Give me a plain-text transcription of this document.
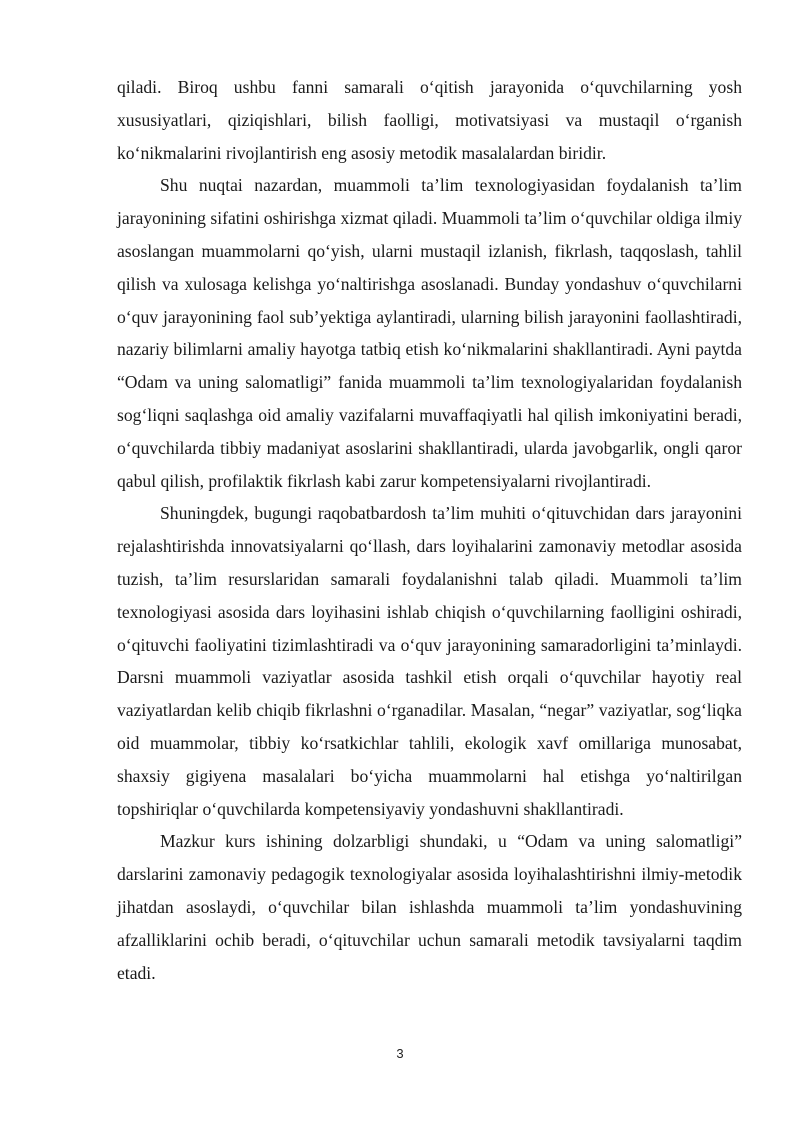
qiladi. Biroq ushbu fanni samarali o‘qitish jarayonida o‘quvchilarning yosh xususiyatlari, qiziqishlari, bilish faolligi, motivatsiyasi va mustaqil o‘rganish ko‘nikmalarini rivojlantirish eng asosiy metodik masalalardan biridir.

Shu nuqtai nazardan, muammoli ta’lim texnologiyasidan foydalanish ta’lim jarayonining sifatini oshirishga xizmat qiladi. Muammoli ta’lim o‘quvchilar oldiga ilmiy asoslangan muammolarni qo‘yish, ularni mustaqil izlanish, fikrlash, taqqoslash, tahlil qilish va xulosaga kelishga yo‘naltirishga asoslanadi. Bunday yondashuv o‘quvchilarni o‘quv jarayonining faol sub’yektiga aylantiradi, ularning bilish jarayonini faollashtiradi, nazariy bilimlarni amaliy hayotga tatbiq etish ko‘nikmalarini shakllantiradi. Ayni paytda “Odam va uning salomatligi” fanida muammoli ta’lim texnologiyalaridan foydalanish sog‘liqni saqlashga oid amaliy vazifalarni muvaffaqiyatli hal qilish imkoniyatini beradi, o‘quvchilarda tibbiy madaniyat asoslarini shakllantiradi, ularda javobgarlik, ongli qaror qabul qilish, profilaktik fikrlash kabi zarur kompetensiyalarni rivojlantiradi.

Shuningdek, bugungi raqobatbardosh ta’lim muhiti o‘qituvchidan dars jarayonini rejalashtirishda innovatsiyalarni qo‘llash, dars loyihalarini zamonaviy metodlar asosida tuzish, ta’lim resurslaridan samarali foydalanishni talab qiladi. Muammoli ta’lim texnologiyasi asosida dars loyihasini ishlab chiqish o‘quvchilarning faolligini oshiradi, o‘qituvchi faoliyatini tizimlashtiradi va o‘quv jarayonining samaradorligini ta’minlaydi. Darsni muammoli vaziyatlar asosida tashkil etish orqali o‘quvchilar hayotiy real vaziyatlardan kelib chiqib fikrlashni o‘rganadilar. Masalan, “negar” vaziyatlar, sog‘liqka oid muammolar, tibbiy ko‘rsatkichlar tahlili, ekologik xavf omillariga munosabat, shaxsiy gigiyena masalalari bo‘yicha muammolarni hal etishga yo‘naltirilgan topshiriqlar o‘quvchilarda kompetensiyaviy yondashuvni shakllantiradi.

Mazkur kurs ishining dolzarbligi shundaki, u “Odam va uning salomatligi” darslarini zamonaviy pedagogik texnologiyalar asosida loyihalashtirishni ilmiy-metodik jihatdan asoslaydi, o‘quvchilar bilan ishlashda muammoli ta’lim yondashuvining afzalliklarini ochib beradi, o‘qituvchilar uchun samarali metodik tavsiyalarni taqdim etadi.

3
